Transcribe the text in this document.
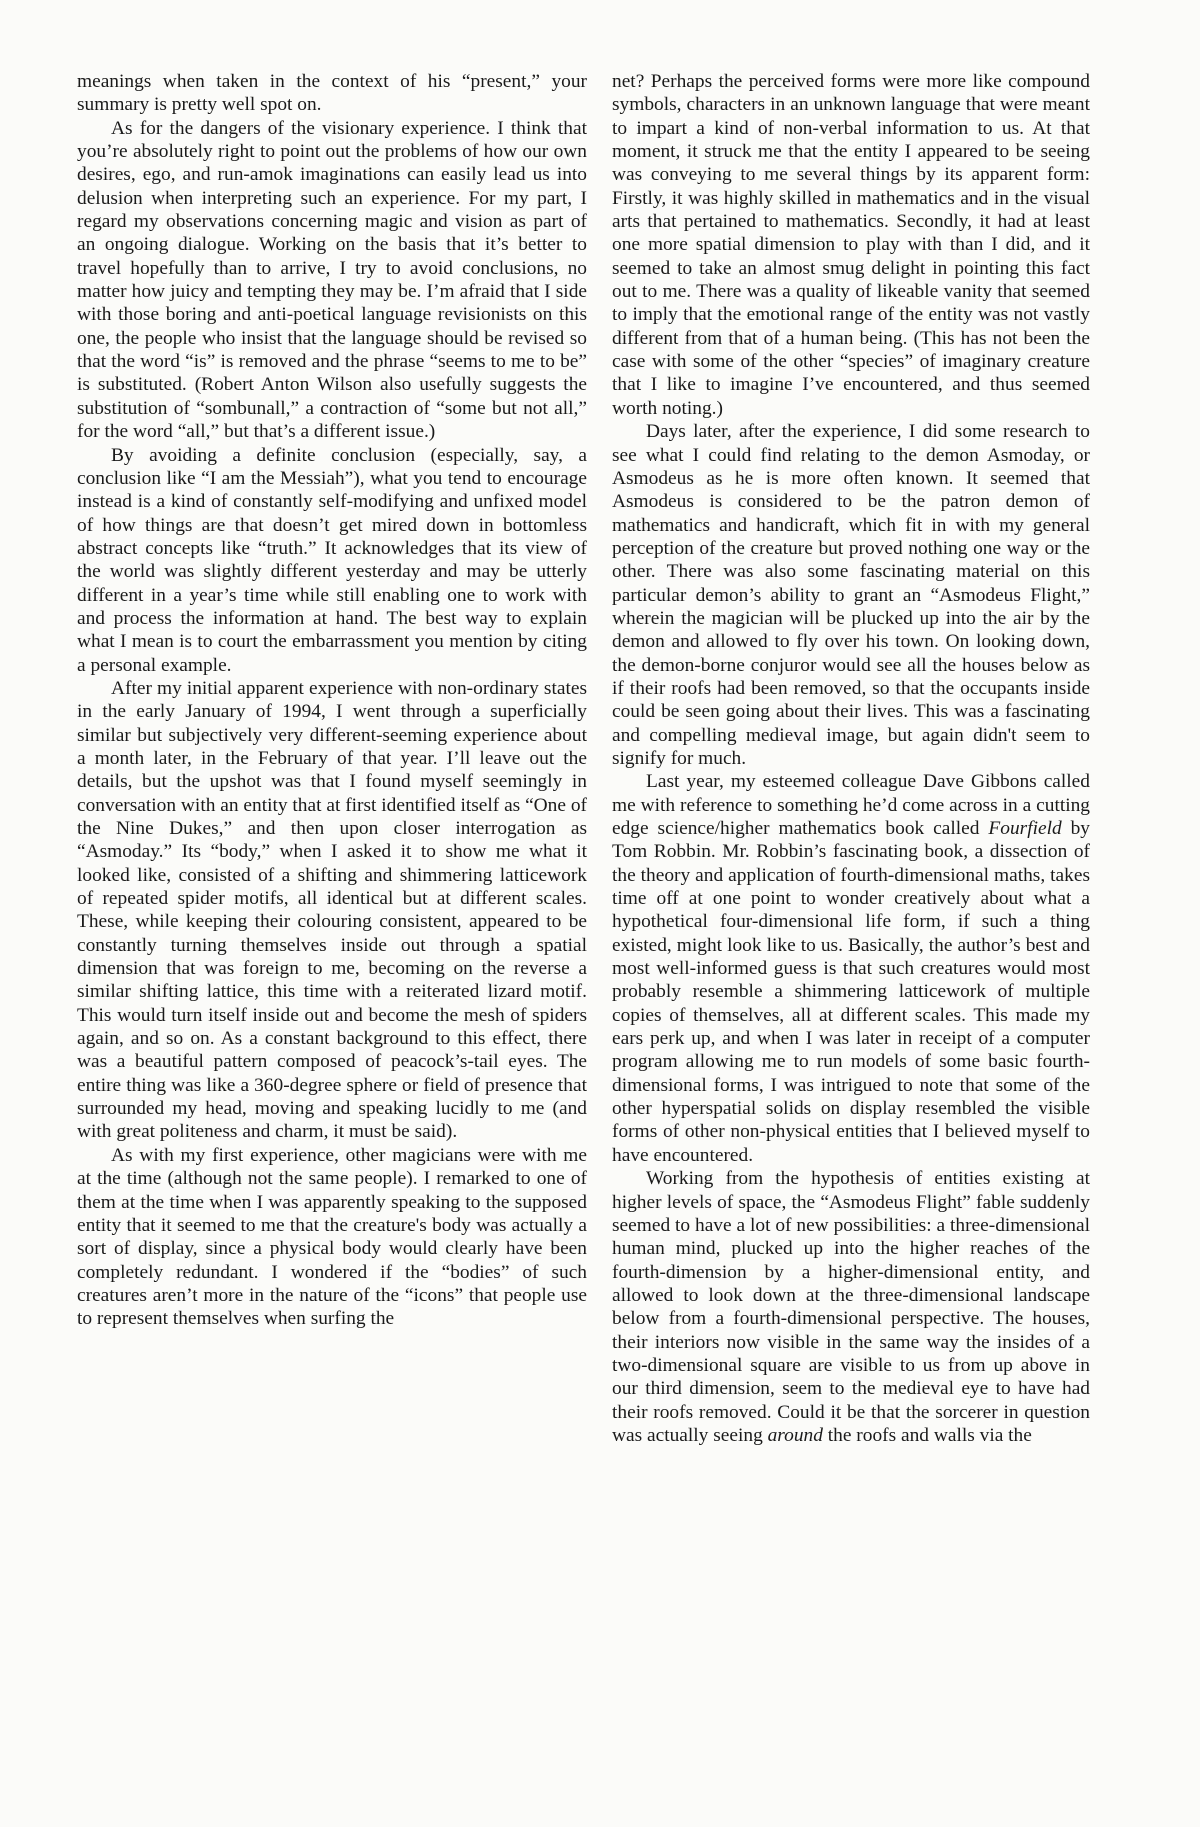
meanings when taken in the context of his “present,” your summary is pretty well spot on.

As for the dangers of the visionary experience. I think that you’re absolutely right to point out the problems of how our own desires, ego, and run-amok imaginations can easily lead us into delusion when interpreting such an experience. For my part, I regard my observations concerning magic and vision as part of an ongoing dialogue. Working on the basis that it’s better to travel hopefully than to arrive, I try to avoid conclusions, no matter how juicy and tempting they may be. I’m afraid that I side with those boring and anti-poetical language revisionists on this one, the people who insist that the language should be revised so that the word “is” is removed and the phrase “seems to me to be” is substituted. (Robert Anton Wilson also usefully suggests the substitution of “sombunall,” a contraction of “some but not all,” for the word “all,” but that’s a different issue.)

By avoiding a definite conclusion (especially, say, a conclusion like “I am the Messiah”), what you tend to encourage instead is a kind of constantly self-modifying and unfixed model of how things are that doesn’t get mired down in bottomless abstract concepts like “truth.” It acknowledges that its view of the world was slightly different yesterday and may be utterly different in a year’s time while still enabling one to work with and process the information at hand. The best way to explain what I mean is to court the embarrassment you mention by citing a personal example.

After my initial apparent experience with non-ordinary states in the early January of 1994, I went through a superficially similar but subjectively very different-seeming experience about a month later, in the February of that year. I’ll leave out the details, but the upshot was that I found myself seemingly in conversation with an entity that at first identified itself as “One of the Nine Dukes,” and then upon closer interrogation as “Asmoday.” Its “body,” when I asked it to show me what it looked like, consisted of a shifting and shimmering latticework of repeated spider motifs, all identical but at different scales. These, while keeping their colouring consistent, appeared to be constantly turning themselves inside out through a spatial dimension that was foreign to me, becoming on the reverse a similar shifting lattice, this time with a reiterated lizard motif. This would turn itself inside out and become the mesh of spiders again, and so on. As a constant background to this effect, there was a beautiful pattern composed of peacock’s-tail eyes. The entire thing was like a 360-degree sphere or field of presence that surrounded my head, moving and speaking lucidly to me (and with great politeness and charm, it must be said).

As with my first experience, other magicians were with me at the time (although not the same people). I remarked to one of them at the time when I was apparently speaking to the supposed entity that it seemed to me that the creature's body was actually a sort of display, since a physical body would clearly have been completely redundant. I wondered if the “bodies” of such creatures aren’t more in the nature of the “icons” that people use to represent themselves when surfing the

net? Perhaps the perceived forms were more like compound symbols, characters in an unknown language that were meant to impart a kind of non-verbal information to us. At that moment, it struck me that the entity I appeared to be seeing was conveying to me several things by its apparent form: Firstly, it was highly skilled in mathematics and in the visual arts that pertained to mathematics. Secondly, it had at least one more spatial dimension to play with than I did, and it seemed to take an almost smug delight in pointing this fact out to me. There was a quality of likeable vanity that seemed to imply that the emotional range of the entity was not vastly different from that of a human being. (This has not been the case with some of the other “species” of imaginary creature that I like to imagine I’ve encountered, and thus seemed worth noting.)

Days later, after the experience, I did some research to see what I could find relating to the demon Asmoday, or Asmodeus as he is more often known. It seemed that Asmodeus is considered to be the patron demon of mathematics and handicraft, which fit in with my general perception of the creature but proved nothing one way or the other. There was also some fascinating material on this particular demon’s ability to grant an “Asmodeus Flight,” wherein the magician will be plucked up into the air by the demon and allowed to fly over his town. On looking down, the demon-borne conjuror would see all the houses below as if their roofs had been removed, so that the occupants inside could be seen going about their lives. This was a fascinating and compelling medieval image, but again didn't seem to signify for much.

Last year, my esteemed colleague Dave Gibbons called me with reference to something he’d come across in a cutting edge science/higher mathematics book called Fourfield by Tom Robbin. Mr. Robbin’s fascinating book, a dissection of the theory and application of fourth-dimensional maths, takes time off at one point to wonder creatively about what a hypothetical four-dimensional life form, if such a thing existed, might look like to us. Basically, the author’s best and most well-informed guess is that such creatures would most probably resemble a shimmering latticework of multiple copies of themselves, all at different scales. This made my ears perk up, and when I was later in receipt of a computer program allowing me to run models of some basic fourth-dimensional forms, I was intrigued to note that some of the other hyperspatial solids on display resembled the visible forms of other non-physical entities that I believed myself to have encountered.

Working from the hypothesis of entities existing at higher levels of space, the “Asmodeus Flight” fable suddenly seemed to have a lot of new possibilities: a three-dimensional human mind, plucked up into the higher reaches of the fourth-dimension by a higher-dimensional entity, and allowed to look down at the three-dimensional landscape below from a fourth-dimensional perspective. The houses, their interiors now visible in the same way the insides of a two-dimensional square are visible to us from up above in our third dimension, seem to the medieval eye to have had their roofs removed. Could it be that the sorcerer in question was actually seeing around the roofs and walls via the
